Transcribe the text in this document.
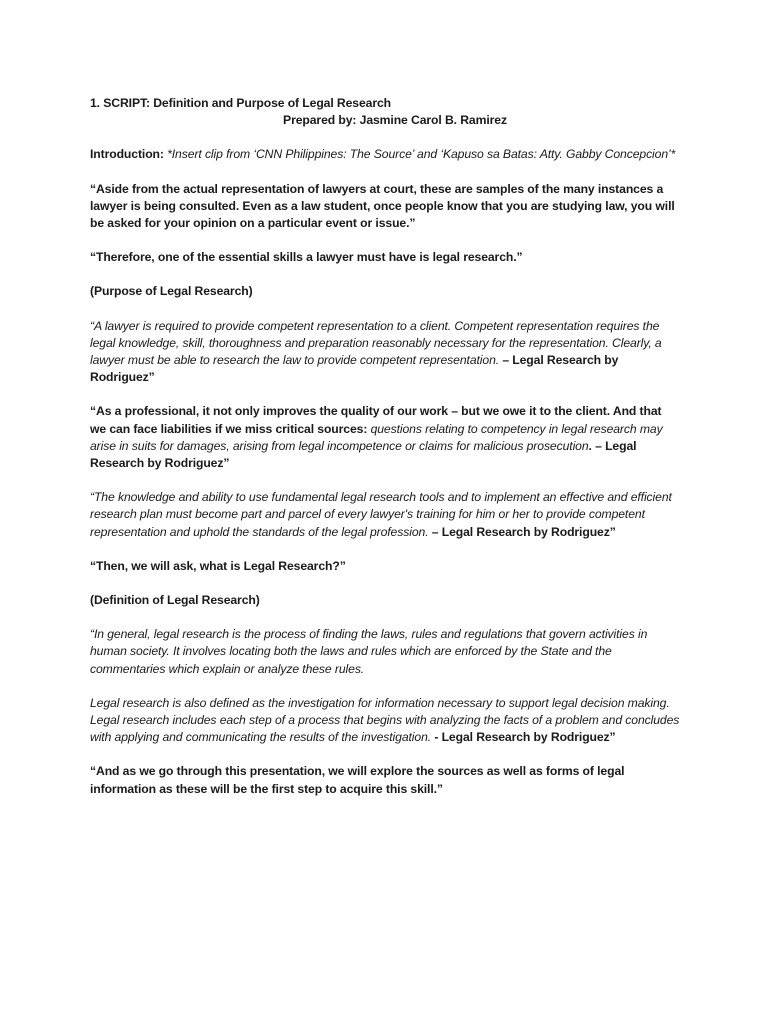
1. SCRIPT: Definition and Purpose of Legal Research

Prepared by: Jasmine Carol B. Ramirez

Introduction: *Insert clip from ‘CNN Philippines: The Source’ and ‘Kapuso sa Batas: Atty. Gabby Concepcion’*

“Aside from the actual representation of lawyers at court, these are samples of the many instances a lawyer is being consulted. Even as a law student, once people know that you are studying law, you will be asked for your opinion on a particular event or issue.”

“Therefore, one of the essential skills a lawyer must have is legal research.”

(Purpose of Legal Research)

“A lawyer is required to provide competent representation to a client. Competent representation requires the legal knowledge, skill, thoroughness and preparation reasonably necessary for the representation. Clearly, a lawyer must be able to research the law to provide competent representation. – Legal Research by Rodriguez”

“As a professional, it not only improves the quality of our work – but we owe it to the client. And that we can face liabilities if we miss critical sources: questions relating to competency in legal research may arise in suits for damages, arising from legal incompetence or claims for malicious prosecution. – Legal Research by Rodriguez”

“The knowledge and ability to use fundamental legal research tools and to implement an effective and efficient research plan must become part and parcel of every lawyer's training for him or her to provide competent representation and uphold the standards of the legal profession. – Legal Research by Rodriguez”

“Then, we will ask, what is Legal Research?”

(Definition of Legal Research)

“In general, legal research is the process of finding the laws, rules and regulations that govern activities in human society. It involves locating both the laws and rules which are enforced by the State and the commentaries which explain or analyze these rules.

Legal research is also defined as the investigation for information necessary to support legal decision making. Legal research includes each step of a process that begins with analyzing the facts of a problem and concludes with applying and communicating the results of the investigation. - Legal Research by Rodriguez”

“And as we go through this presentation, we will explore the sources as well as forms of legal information as these will be the first step to acquire this skill.”
